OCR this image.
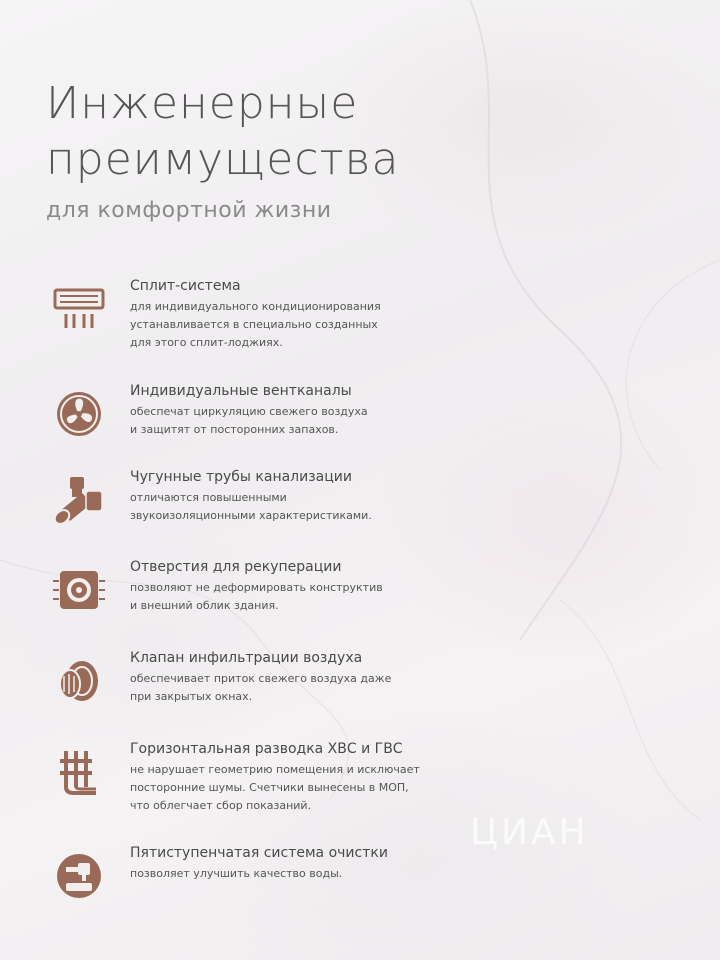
Инженерные
преимущества
для комфортной жизни
Сплит-система
для индивидуального кондиционирования
устанавливается в специально созданных
для этого сплит-лоджиях.
Индивидуальные вентканалы
обеспечат циркуляцию свежего воздуха
и защитят от посторонних запахов.
Чугунные трубы канализации
отличаются повышенными
звукоизоляционными характеристиками.
Отверстия для рекуперации
позволяют не деформировать конструктив
и внешний облик здания.
Клапан инфильтрации воздуха
обеспечивает приток свежего воздуха даже
при закрытых окнах.
Горизонтальная разводка ХВС и ГВС
не нарушает геометрию помещения и исключает
посторонние шумы. Счетчики вынесены в МОП,
что облегчает сбор показаний.
Пятиступенчатая система очистки
позволяет улучшить качество воды.
ЦИАН
